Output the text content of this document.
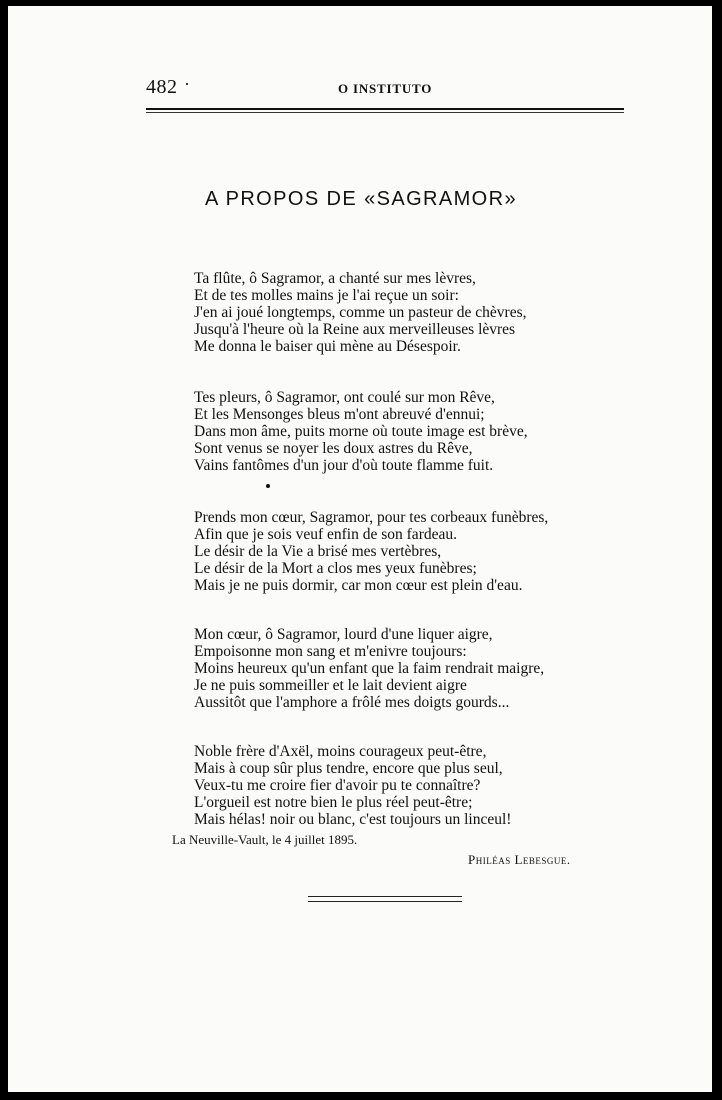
482 ·	O INSTITUTO
A PROPOS DE «SAGRAMOR»
Ta flûte, ô Sagramor, a chanté sur mes lèvres,
Et de tes molles mains je l'ai reçue un soir:
J'en ai joué longtemps, comme un pasteur de chèvres,
Jusqu'à l'heure où la Reine aux merveilleuses lèvres
Me donna le baiser qui mène au Désespoir.
Tes pleurs, ô Sagramor, ont coulé sur mon Rêve,
Et les Mensonges bleus m'ont abreuvé d'ennui;
Dans mon âme, puits morne où toute image est brève,
Sont venus se noyer les doux astres du Rêve,
Vains fantômes d'un jour d'où toute flamme fuit.
Prends mon cœur, Sagramor, pour tes corbeaux funèbres,
Afin que je sois veuf enfin de son fardeau.
Le désir de la Vie a brisé mes vertèbres,
Le désir de la Mort a clos mes yeux funèbres;
Mais je ne puis dormir, car mon cœur est plein d'eau.
Mon cœur, ô Sagramor, lourd d'une liquer aigre,
Empoisonne mon sang et m'enivre toujours:
Moins heureux qu'un enfant que la faim rendrait maigre,
Je ne puis sommeiller et le lait devient aigre
Aussitôt que l'amphore a frôlé mes doigts gourds...
Noble frère d'Axël, moins courageux peut-être,
Mais à coup sûr plus tendre, encore que plus seul,
Veux-tu me croire fier d'avoir pu te connaître?
L'orgueil est notre bien le plus réel peut-être;
Mais hélas! noir ou blanc, c'est toujours un linceul!
La Neuville-Vault, le 4 juillet 1895.
Philéas Lebesgue.
